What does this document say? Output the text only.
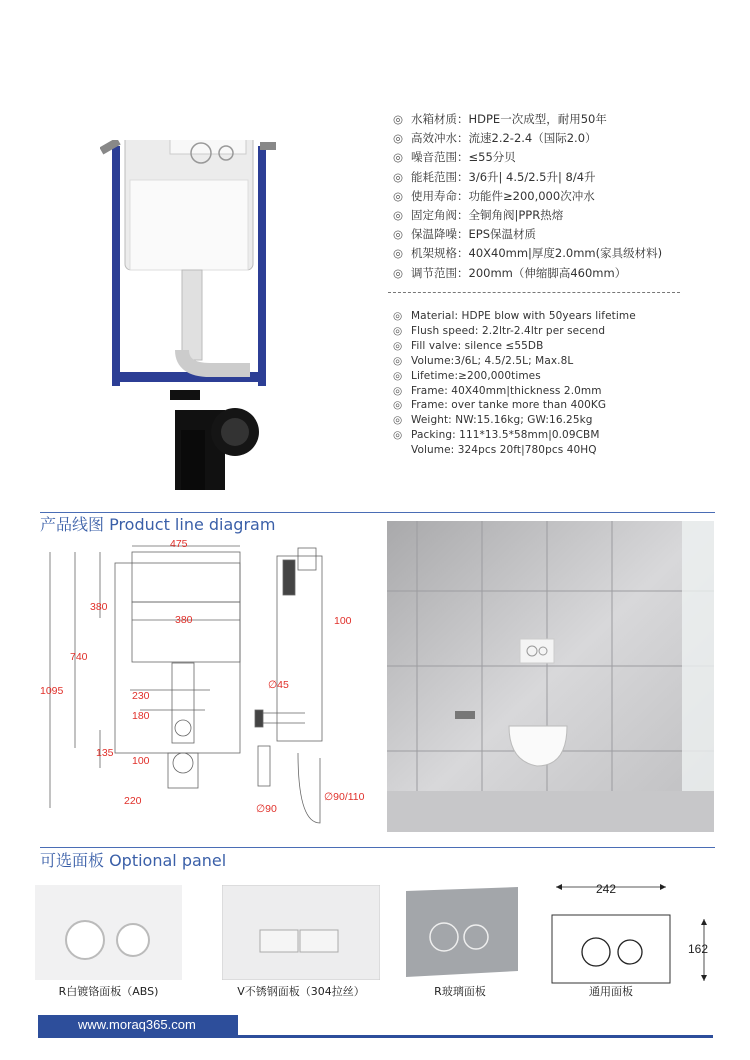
◎ 水箱材质：HDPE一次成型，耐用50年
◎ 高效冲水：流速2.2-2.4（国际2.0）
◎ 噪音范围：≤55分贝
◎ 能耗范围：3/6升| 4.5/2.5升| 8/4升
◎ 使用寿命：功能件≥200,000次冲水
◎ 固定角阀：全铜角阀|PPR热熔
◎ 保温降噪：EPS保温材质
◎ 机架规格：40X40mm|厚度2.0mm(家具级材料)
◎ 调节范围：200mm（伸缩脚高460mm）
◎ Material: HDPE blow with 50years lifetime
◎ Flush speed: 2.2ltr-2.4ltr per secend
◎ Fill valve: silence ≤55DB
◎ Volume:3/6L; 4.5/2.5L; Max.8L
◎ Lifetime:≥200,000times
◎ Frame: 40X40mm|thickness 2.0mm
◎ Frame: over tanke more than 400KG
◎ Weight: NW:15.16kg; GW:16.25kg
◎ Packing: 111*13.5*58mm|0.09CBM
Volume: 324pcs 20ft|780pcs 40HQ
产品线图 Product line diagram
475
380
380
740
1095	230
180
135
100
220
100
∅45
∅90
∅90/110
可选面板 Optional panel
R白镀铬面板（ABS)	V不锈钢面板（304拉丝）	R玻璃面板
242
162
通用面板
www.moraq365.com
